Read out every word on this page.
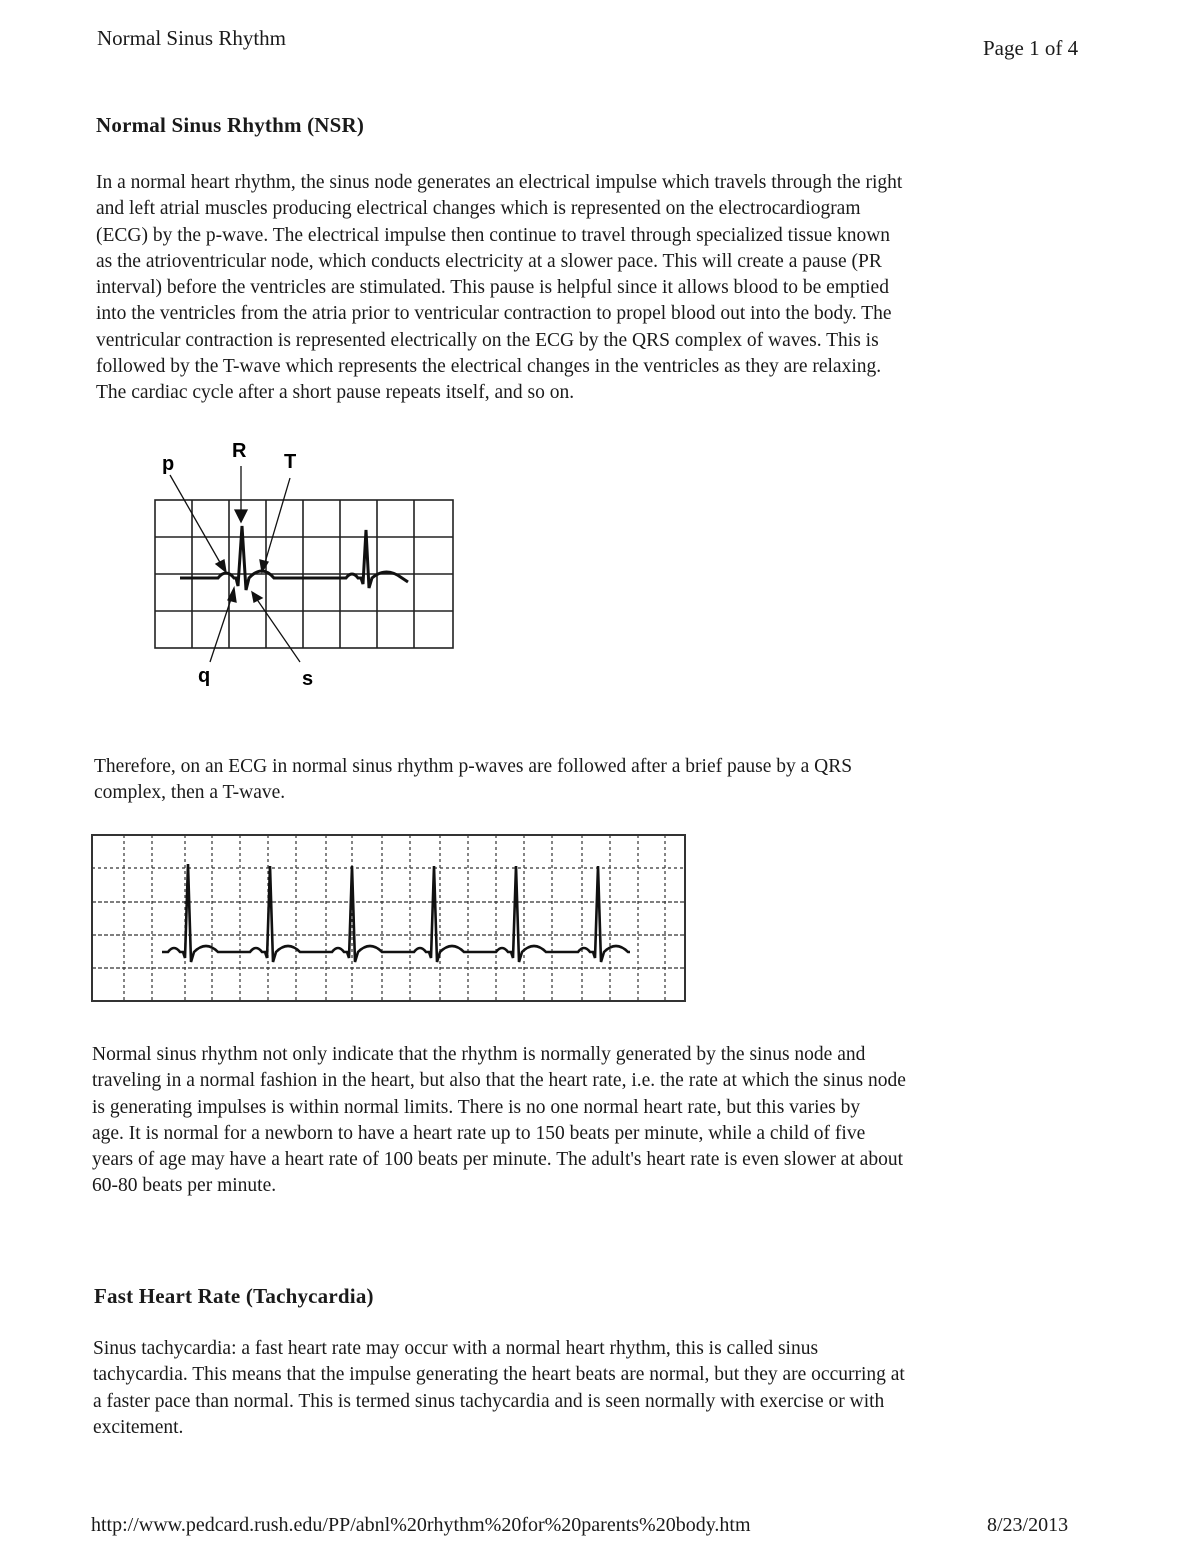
Normal Sinus Rhythm	Page 1 of 4
Normal Sinus Rhythm (NSR)
In a normal heart rhythm, the sinus node generates an electrical impulse which travels through the right
and left atrial muscles producing electrical changes which is represented on the electrocardiogram
(ECG) by the p-wave. The electrical impulse then continue to travel through specialized tissue known
as the atrioventricular node, which conducts electricity at a slower pace. This will create a pause (PR
interval) before the ventricles are stimulated. This pause is helpful since it allows blood to be emptied
into the ventricles from the atria prior to ventricular contraction to propel blood out into the body. The
ventricular contraction is represented electrically on the ECG by the QRS complex of waves. This is
followed by the T-wave which represents the electrical changes in the ventricles as they are relaxing.
The cardiac cycle after a short pause repeats itself, and so on.
p
R T
q	s
Therefore, on an ECG in normal sinus rhythm p-waves are followed after a brief pause by a QRS
complex, then a T-wave.
Normal sinus rhythm not only indicate that the rhythm is normally generated by the sinus node and
traveling in a normal fashion in the heart, but also that the heart rate, i.e. the rate at which the sinus node
is generating impulses is within normal limits. There is no one normal heart rate, but this varies by
age. It is normal for a newborn to have a heart rate up to 150 beats per minute, while a child of five
years of age may have a heart rate of 100 beats per minute. The adult's heart rate is even slower at about
60-80 beats per minute.
Fast Heart Rate (Tachycardia)
Sinus tachycardia: a fast heart rate may occur with a normal heart rhythm, this is called sinus
tachycardia. This means that the impulse generating the heart beats are normal, but they are occurring at
a faster pace than normal. This is termed sinus tachycardia and is seen normally with exercise or with
excitement.
http://www.pedcard.rush.edu/PP/abnl%20rhythm%20for%20parents%20body.htm	8/23/2013
